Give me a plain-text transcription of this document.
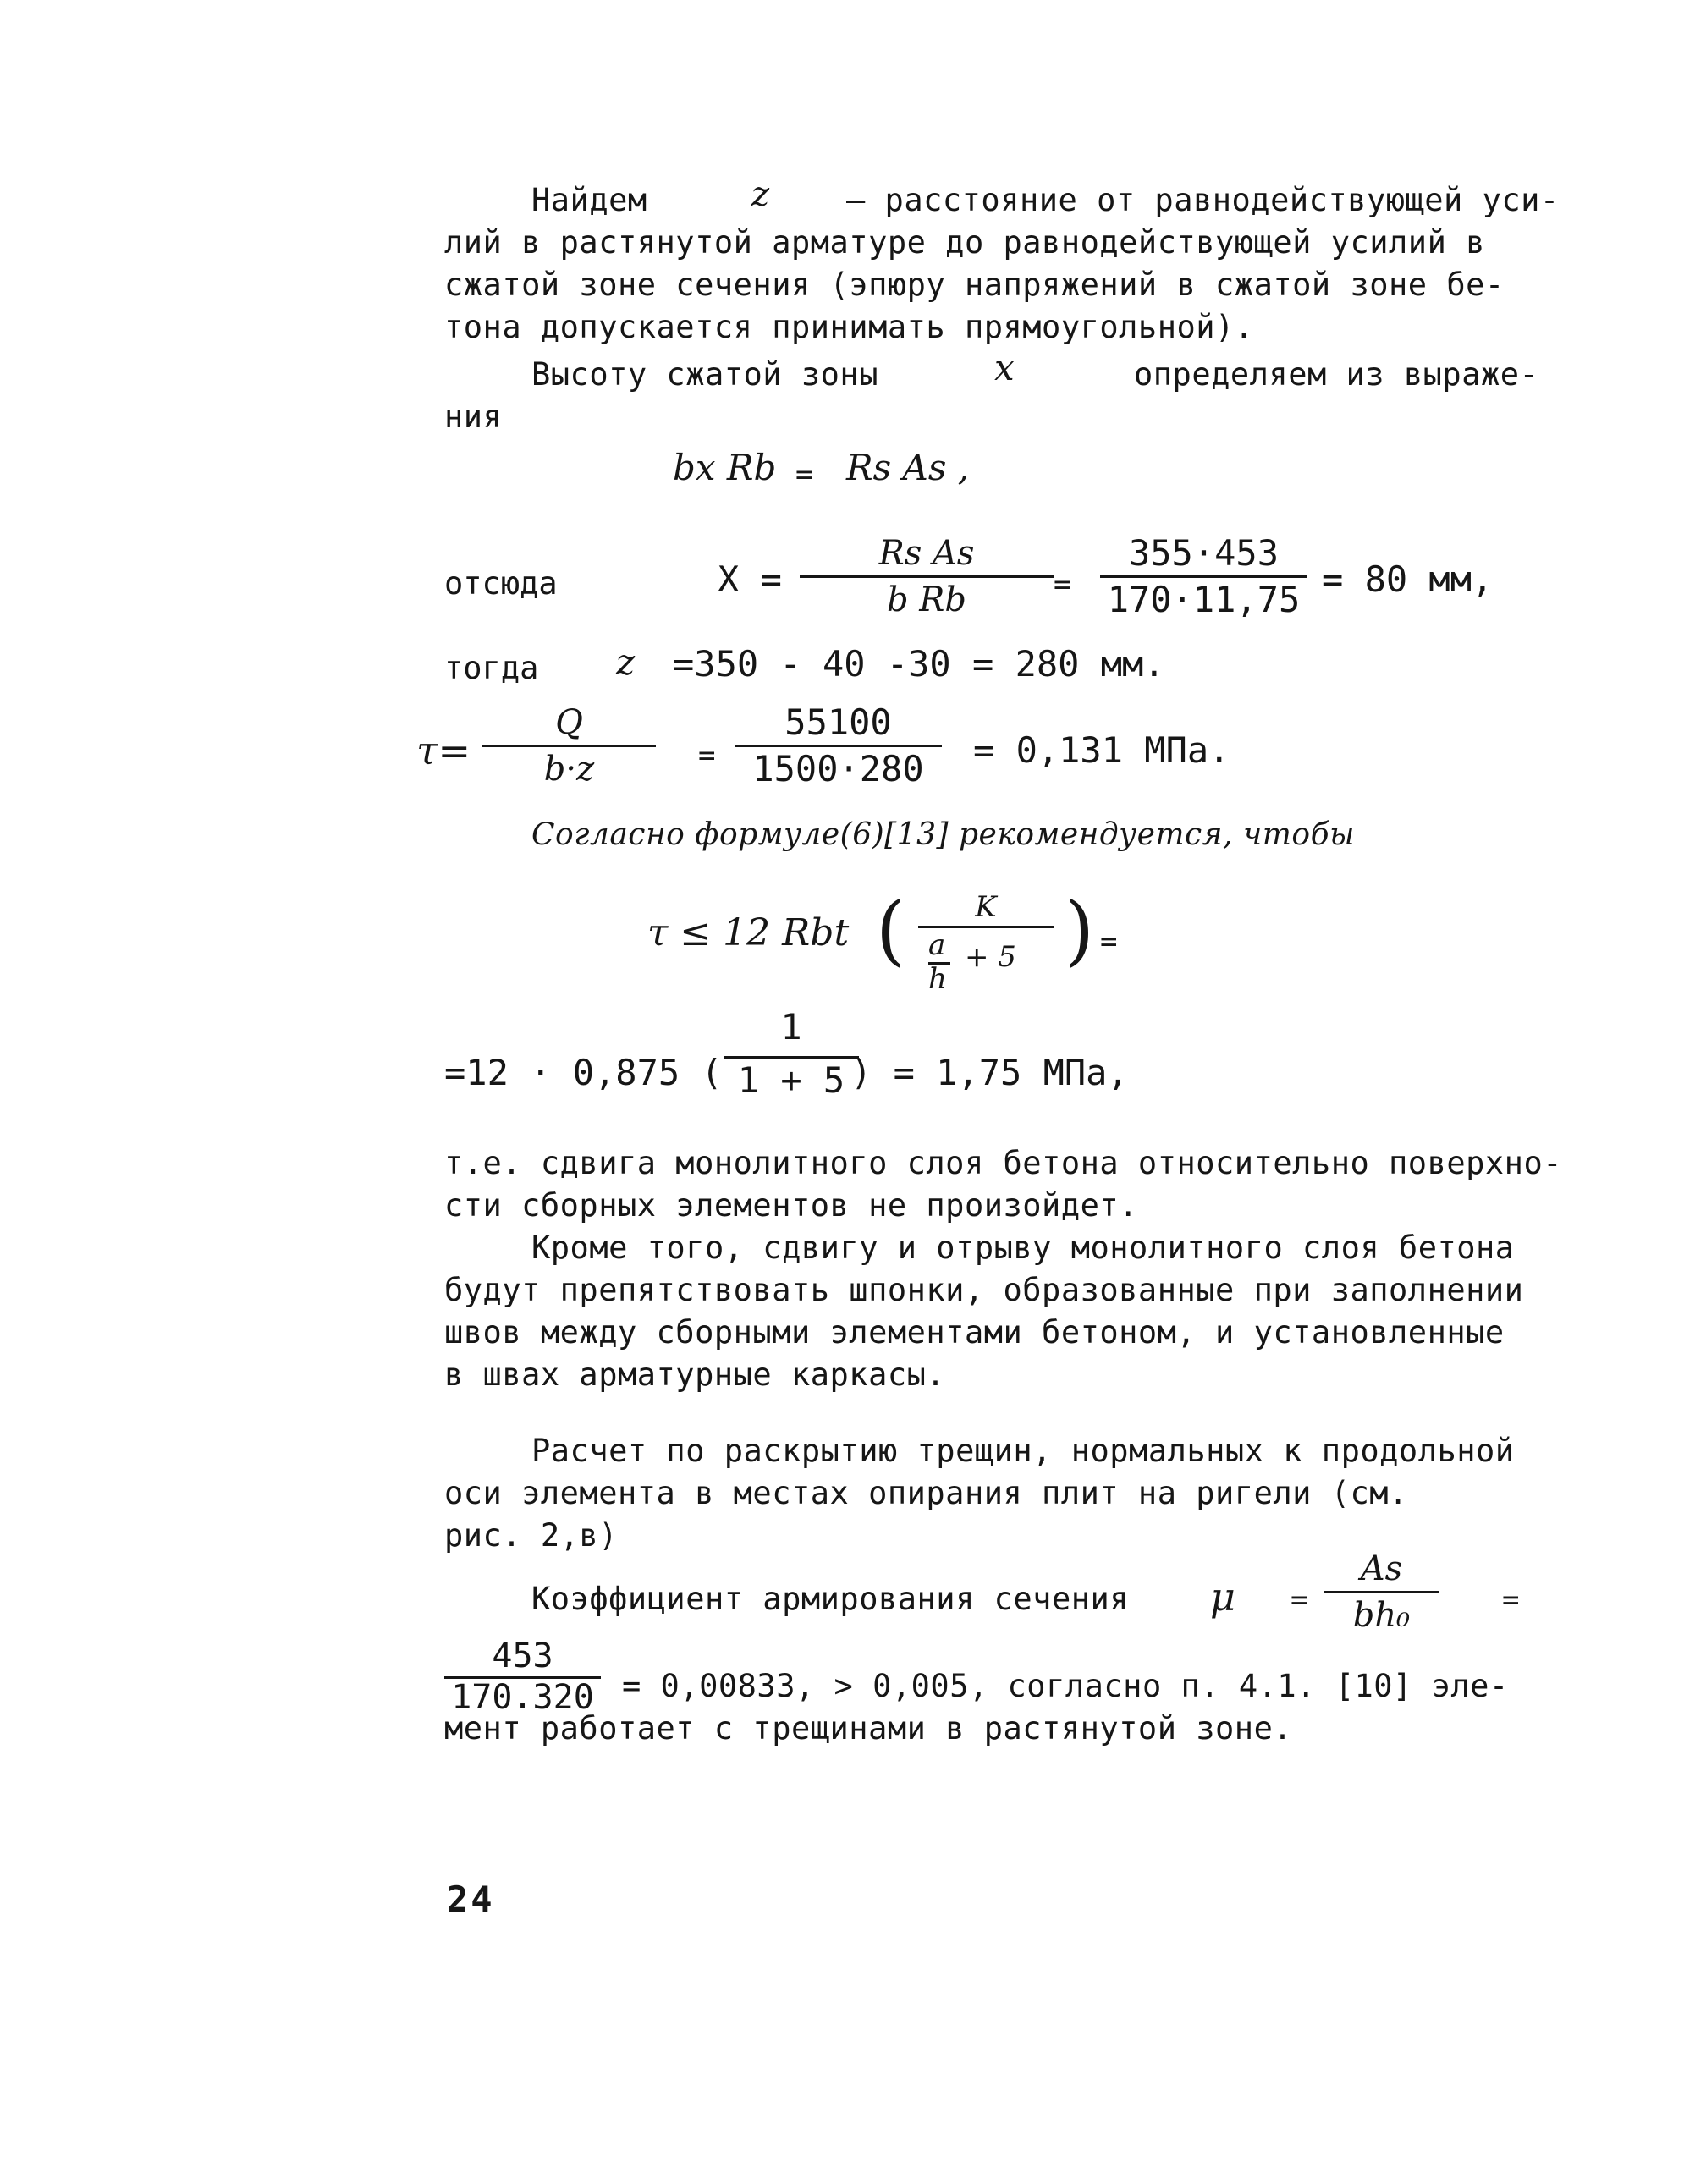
Найдем	z – расстояние от равнодействующей уси-
лий в растянутой арматуре до равнодействующей усилий в
сжатой зоне сечения (эпюру напряжений в сжатой зоне бе-
тона допускается принимать прямоугольной).
Высоту сжатой зоны	x	определяем из выраже-
ния
bx Rb = Rs As ,
отсюда	X =
Rs As
b Rb	=
355·453
170·11,75 = 80 мм,
тогда z =350 - 40 -30 = 280 мм.
τ=
Q
b·z	=
55100
1500·280	= 0,131 МПа.
Согласно формуле(6)[13] рекомендуется, чтобы
τ ≤ 12 Rbt (	K
a
h
+ 5 ) =
=12 · 0,875 (
1
1 + 5 ) = 1,75 МПа,
т.е. сдвига монолитного слоя бетона относительно поверхно-
сти сборных элементов не произойдет.
Кроме того, сдвигу и отрыву монолитного слоя бетона
будут препятствовать шпонки, образованные при заполнении
швов между сборными элементами бетоном, и установленные
в швах арматурные каркасы.
Расчет по раскрытию трещин, нормальных к продольной
оси элемента в местах опирания плит на ригели (см.
рис. 2,в)
Коэффициент армирования сечения μ =
As
bh₀	=
453
170.320 = 0,00833, > 0,005, согласно п. 4.1. [10] эле-
мент работает с трещинами в растянутой зоне.
24
